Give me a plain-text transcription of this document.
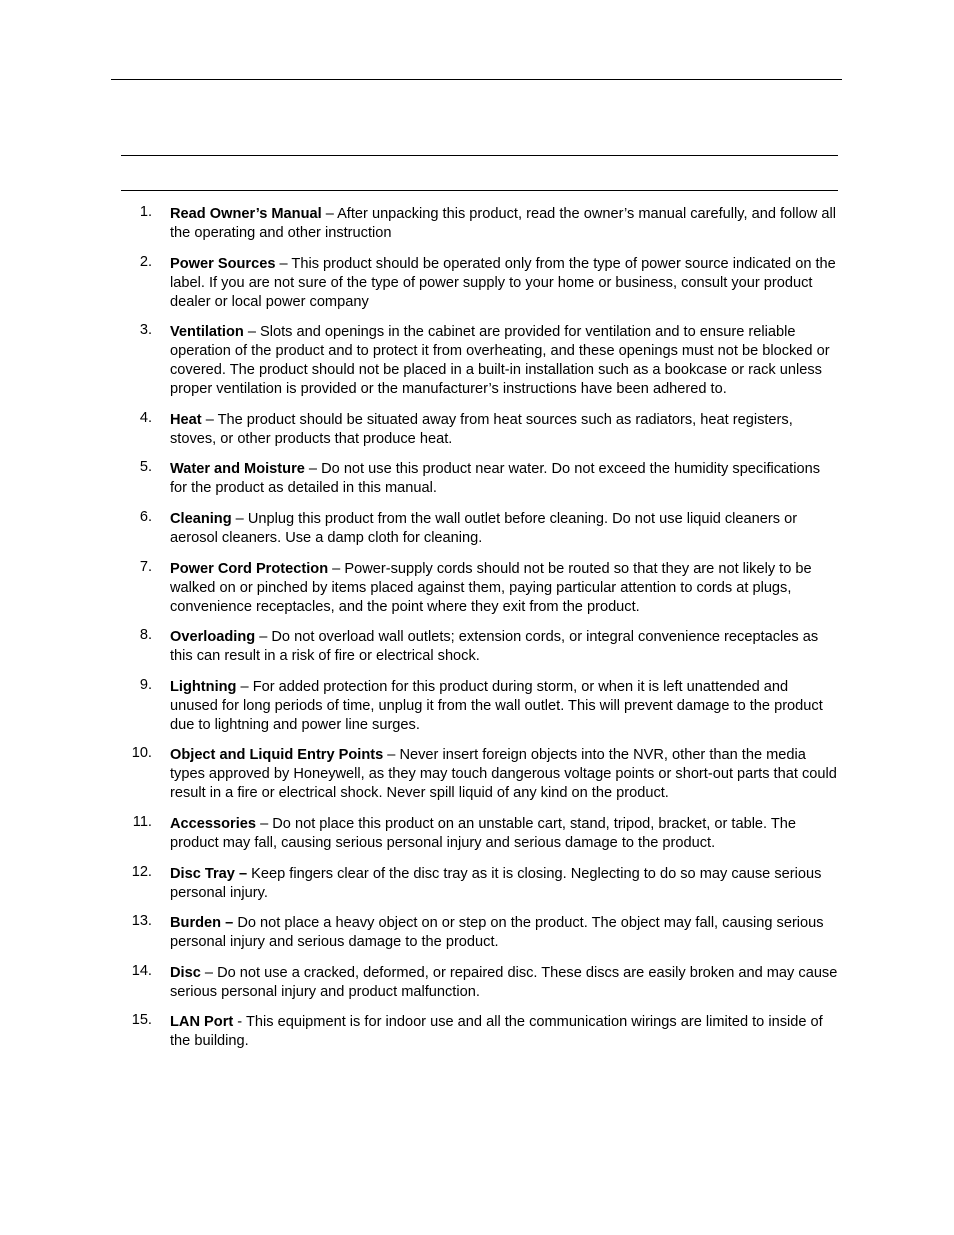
1. Read Owner’s Manual – After unpacking this product, read the owner’s manual carefully, and follow all the operating and other instruction
2. Power Sources – This product should be operated only from the type of power source indicated on the label. If you are not sure of the type of power supply to your home or business, consult your product dealer or local power company
3. Ventilation – Slots and openings in the cabinet are provided for ventilation and to ensure reliable operation of the product and to protect it from overheating, and these openings must not be blocked or covered. The product should not be placed in a built-in installation such as a bookcase or rack unless proper ventilation is provided or the manufacturer’s instructions have been adhered to.
4. Heat – The product should be situated away from heat sources such as radiators, heat registers, stoves, or other products that produce heat.
5. Water and Moisture – Do not use this product near water. Do not exceed the humidity specifications for the product as detailed in this manual.
6. Cleaning – Unplug this product from the wall outlet before cleaning. Do not use liquid cleaners or aerosol cleaners. Use a damp cloth for cleaning.
7. Power Cord Protection – Power-supply cords should not be routed so that they are not likely to be walked on or pinched by items placed against them, paying particular attention to cords at plugs, convenience receptacles, and the point where they exit from the product.
8. Overloading – Do not overload wall outlets; extension cords, or integral convenience receptacles as this can result in a risk of fire or electrical shock.
9. Lightning – For added protection for this product during storm, or when it is left unattended and unused for long periods of time, unplug it from the wall outlet. This will prevent damage to the product due to lightning and power line surges.
10. Object and Liquid Entry Points – Never insert foreign objects into the NVR, other than the media types approved by Honeywell, as they may touch dangerous voltage points or short-out parts that could result in a fire or electrical shock. Never spill liquid of any kind on the product.
11. Accessories – Do not place this product on an unstable cart, stand, tripod, bracket, or table. The product may fall, causing serious personal injury and serious damage to the product.
12. Disc Tray – Keep fingers clear of the disc tray as it is closing. Neglecting to do so may cause serious personal injury.
13. Burden – Do not place a heavy object on or step on the product. The object may fall, causing serious personal injury and serious damage to the product.
14. Disc – Do not use a cracked, deformed, or repaired disc. These discs are easily broken and may cause serious personal injury and product malfunction.
15. LAN Port - This equipment is for indoor use and all the communication wirings are limited to inside of the building.
